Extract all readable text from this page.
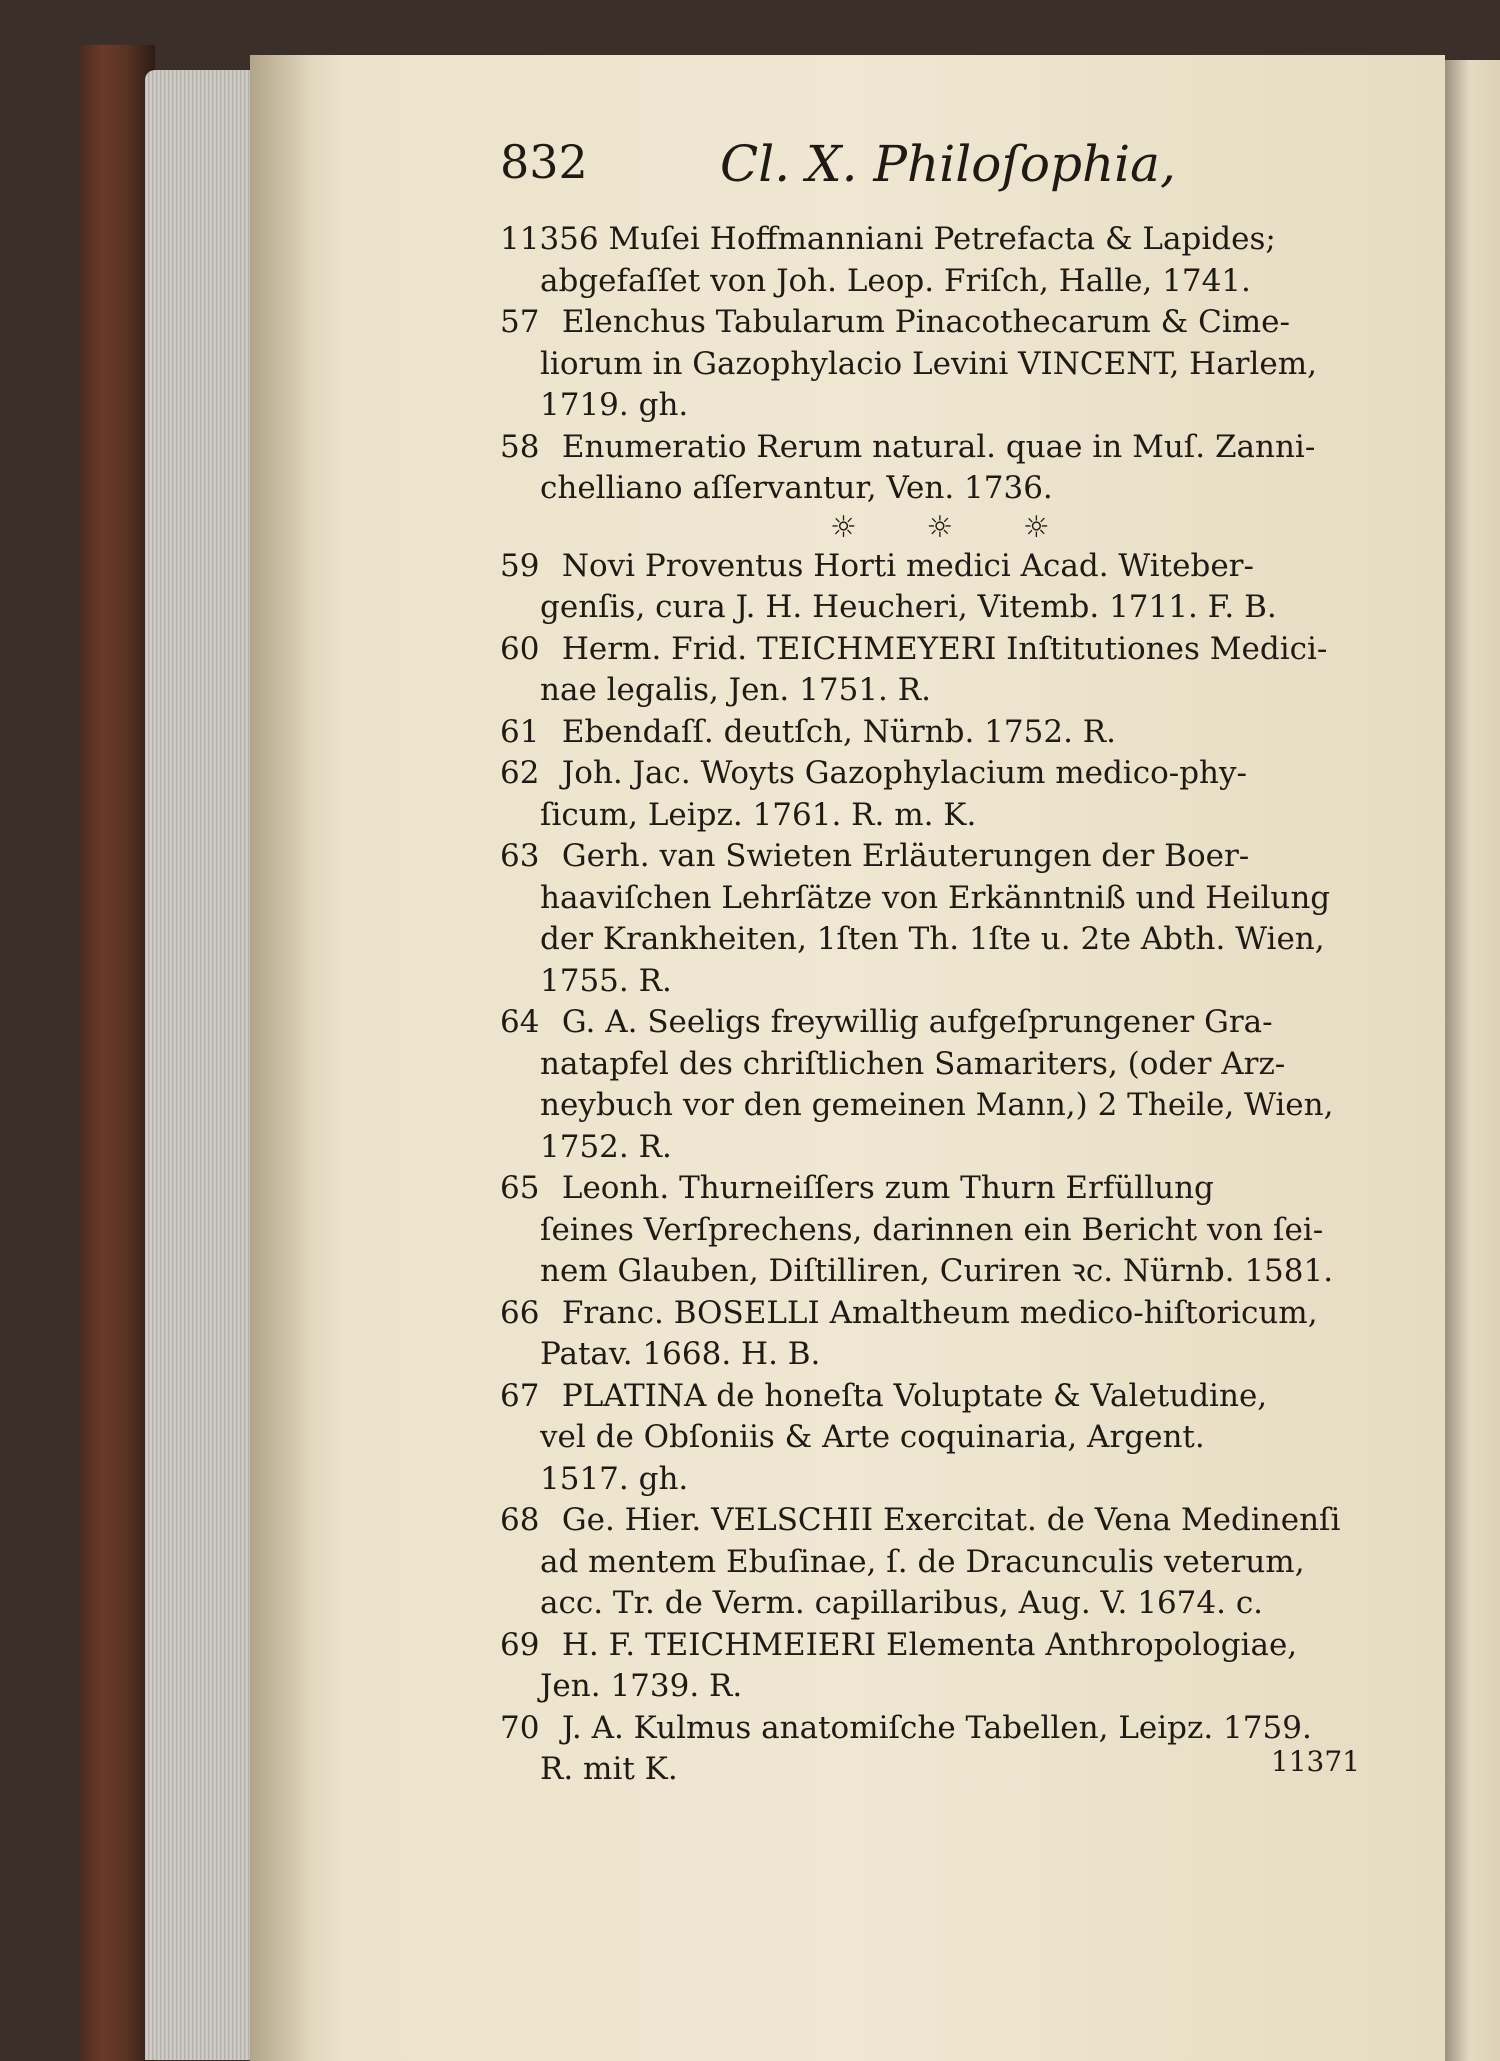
832	Cl. X. Philoſophia,
11356 Muſei Hoffmanniani Petrefacta & Lapides;
abgefaſſet von Joh. Leop. Friſch, Halle, 1741.
57 Elenchus Tabularum Pinacothecarum & Cime-
liorum in Gazophylacio Levini VINCENT, Harlem,
1719. gh.
58 Enumeratio Rerum natural. quae in Muſ. Zanni-
chelliano aſſervantur, Ven. 1736.
☼ ☼ ☼
59 Novi Proventus Horti medici Acad. Witeber-
genſis, cura J. H. Heucheri, Vitemb. 1711. F. B.
60 Herm. Frid. TEICHMEYERI Inſtitutiones Medici-
nae legalis, Jen. 1751. R.
61 Ebendaſſ. deutſch, Nürnb. 1752. R.
62 Joh. Jac. Woyts Gazophylacium medico-phy-
ſicum, Leipz. 1761. R. m. K.
63 Gerh. van Swieten Erläuterungen der Boer-
haaviſchen Lehrſätze von Erkänntniß und Heilung
der Krankheiten, 1ſten Th. 1ſte u. 2te Abth. Wien,
1755. R.
64 G. A. Seeligs freywillig aufgeſprungener Gra-
natapfel des chriſtlichen Samariters, (oder Arz-
neybuch vor den gemeinen Mann,) 2 Theile, Wien,
1752. R.
65 Leonh. Thurneiſſers zum Thurn Erfüllung
ſeines Verſprechens, darinnen ein Bericht von ſei-
nem Glauben, Diſtilliren, Curiren ꝛc. Nürnb. 1581.
66 Franc. BOSELLI Amaltheum medico-hiſtoricum,
Patav. 1668. H. B.
67 PLATINA de honeſta Voluptate & Valetudine,
vel de Obſoniis & Arte coquinaria, Argent.
1517. gh.
68 Ge. Hier. VELSCHII Exercitat. de Vena Medinenſi
ad mentem Ebuſinae, ſ. de Dracunculis veterum,
acc. Tr. de Verm. capillaribus, Aug. V. 1674. c.
69 H. F. TEICHMEIERI Elementa Anthropologiae,
Jen. 1739. R.
70 J. A. Kulmus anatomiſche Tabellen, Leipz. 1759.
R. mit K.	11371
